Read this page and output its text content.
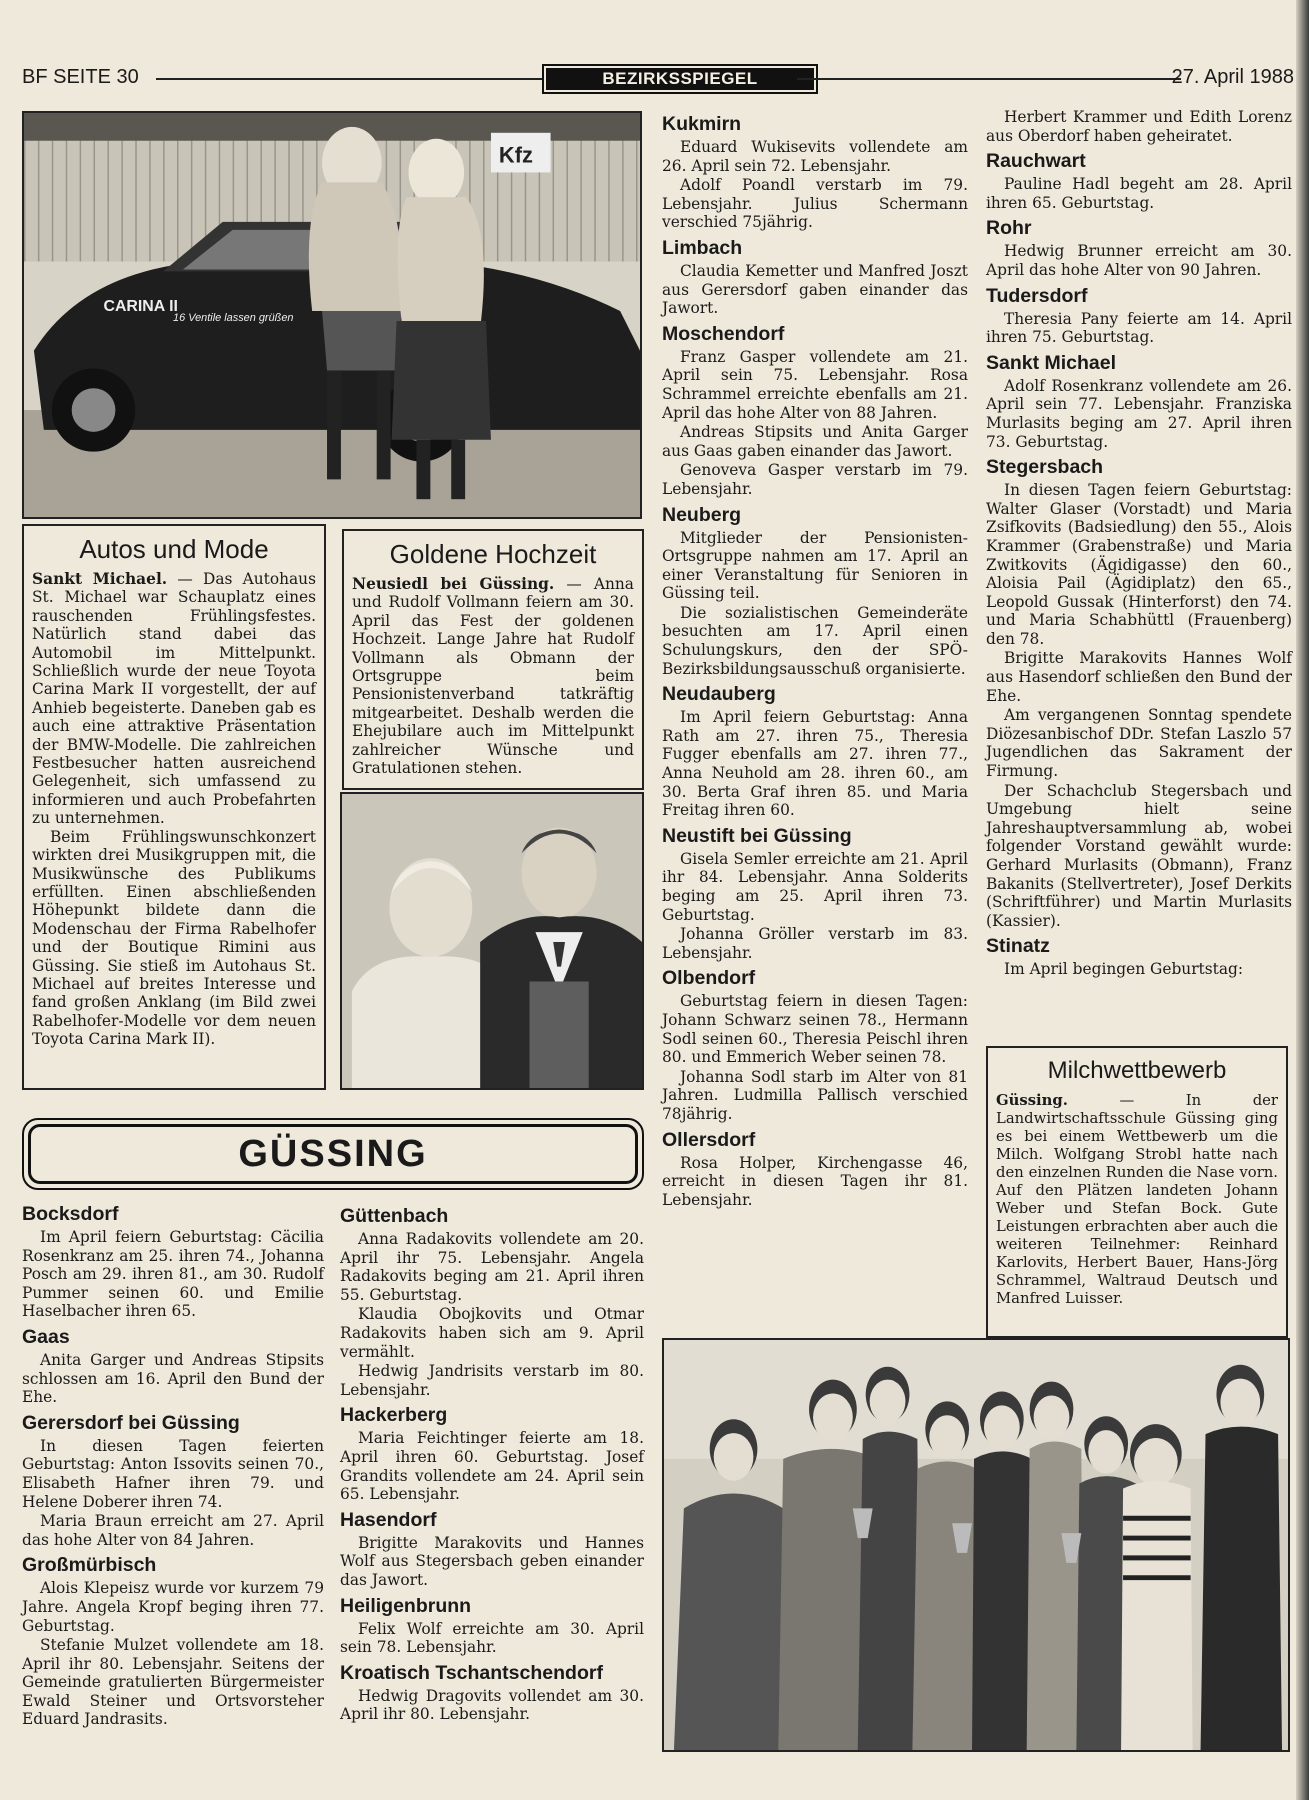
BF SEITE 30	BEZIRKSSPIEGEL	27. April 1988
Kfz
CARINA II
16 Ventile lassen grüßen
Autos und Mode

Sankt Michael. — Das Autohaus St. Michael war Schauplatz eines rauschenden Frühlingsfestes. Natürlich stand dabei das Automobil im Mittelpunkt. Schließlich wurde der neue Toyota Carina Mark II vorgestellt, der auf Anhieb begeisterte. Daneben gab es auch eine attraktive Präsentation der BMW-Modelle. Die zahlreichen Festbesucher hatten ausreichend Gelegenheit, sich umfassend zu informieren und auch Probefahrten zu unternehmen.

Beim Frühlingswunschkonzert wirkten drei Musikgruppen mit, die Musikwünsche des Publikums erfüllten. Einen abschließenden Höhepunkt bildete dann die Modenschau der Firma Rabelhofer und der Boutique Rimini aus Güssing. Sie stieß im Autohaus St. Michael auf breites Interesse und fand großen Anklang (im Bild zwei Rabelhofer-Modelle vor dem neuen Toyota Carina Mark II).

Goldene Hochzeit

Neusiedl bei Güssing. — Anna und Rudolf Vollmann feiern am 30. April das Fest der goldenen Hochzeit. Lange Jahre hat Rudolf Vollmann als Obmann der Ortsgruppe beim Pensionistenverband tatkräftig mitgearbeitet. Deshalb werden die Ehejubilare auch im Mittelpunkt zahlreicher Wünsche und Gratulationen stehen.

GÜSSING
Bocksdorf

Im April feiern Geburtstag: Cäcilia Rosenkranz am 25. ihren 74., Johanna Posch am 29. ihren 81., am 30. Rudolf Pummer seinen 60. und Emilie Haselbacher ihren 65.

Gaas

Anita Garger und Andreas Stipsits schlossen am 16. April den Bund der Ehe.

Gerersdorf bei Güssing

In diesen Tagen feierten Geburtstag: Anton Issovits seinen 70., Elisabeth Hafner ihren 79. und Helene Doberer ihren 74.

Maria Braun erreicht am 27. April das hohe Alter von 84 Jahren.

Großmürbisch

Alois Klepeisz wurde vor kurzem 79 Jahre. Angela Kropf beging ihren 77. Geburtstag.

Stefanie Mulzet vollendete am 18. April ihr 80. Lebensjahr. Seitens der Gemeinde gratulierten Bürgermeister Ewald Steiner und Ortsvorsteher Eduard Jandrasits.

Güttenbach

Anna Radakovits vollendete am 20. April ihr 75. Lebensjahr. Angela Radakovits beging am 21. April ihren 55. Geburtstag.

Klaudia Obojkovits und Otmar Radakovits haben sich am 9. April vermählt.

Hedwig Jandrisits verstarb im 80. Lebensjahr.

Hackerberg

Maria Feichtinger feierte am 18. April ihren 60. Geburtstag. Josef Grandits vollendete am 24. April sein 65. Lebensjahr.

Hasendorf

Brigitte Marakovits und Hannes Wolf aus Stegersbach geben einander das Jawort.

Heiligenbrunn

Felix Wolf erreichte am 30. April sein 78. Lebensjahr.

Kroatisch Tschantschendorf

Hedwig Dragovits vollendet am 30. April ihr 80. Lebensjahr.

Kukmirn

Eduard Wukisevits vollendete am 26. April sein 72. Lebensjahr.

Adolf Poandl verstarb im 79. Lebensjahr. Julius Schermann verschied 75jährig.

Limbach

Claudia Kemetter und Manfred Joszt aus Gerersdorf gaben einander das Jawort.

Moschendorf

Franz Gasper vollendete am 21. April sein 75. Lebensjahr. Rosa Schrammel erreichte ebenfalls am 21. April das hohe Alter von 88 Jahren.

Andreas Stipsits und Anita Garger aus Gaas gaben einander das Jawort.

Genoveva Gasper verstarb im 79. Lebensjahr.

Neuberg

Mitglieder der Pensionisten-Ortsgruppe nahmen am 17. April an einer Veranstaltung für Senioren in Güssing teil.

Die sozialistischen Gemeinderäte besuchten am 17. April einen Schulungskurs, den der SPÖ-Bezirksbildungsausschuß organisierte.

Neudauberg

Im April feiern Geburtstag: Anna Rath am 27. ihren 75., Theresia Fugger ebenfalls am 27. ihren 77., Anna Neuhold am 28. ihren 60., am 30. Berta Graf ihren 85. und Maria Freitag ihren 60.

Neustift bei Güssing

Gisela Semler erreichte am 21. April ihr 84. Lebensjahr. Anna Solderits beging am 25. April ihren 73. Geburtstag.

Johanna Gröller verstarb im 83. Lebensjahr.

Olbendorf

Geburtstag feiern in diesen Tagen: Johann Schwarz seinen 78., Hermann Sodl seinen 60., Theresia Peischl ihren 80. und Emmerich Weber seinen 78.

Johanna Sodl starb im Alter von 81 Jahren. Ludmilla Pallisch verschied 78jährig.

Ollersdorf

Rosa Holper, Kirchengasse 46, erreicht in diesen Tagen ihr 81. Lebensjahr.

Herbert Krammer und Edith Lorenz aus Oberdorf haben geheiratet.

Rauchwart

Pauline Hadl begeht am 28. April ihren 65. Geburtstag.

Rohr

Hedwig Brunner erreicht am 30. April das hohe Alter von 90 Jahren.

Tudersdorf

Theresia Pany feierte am 14. April ihren 75. Geburtstag.

Sankt Michael

Adolf Rosenkranz vollendete am 26. April sein 77. Lebensjahr. Franziska Murlasits beging am 27. April ihren 73. Geburtstag.

Stegersbach

In diesen Tagen feiern Geburtstag: Walter Glaser (Vorstadt) und Maria Zsifkovits (Badsiedlung) den 55., Alois Krammer (Grabenstraße) und Maria Zwitkovits (Ägidigasse) den 60., Aloisia Pail (Ägidiplatz) den 65., Leopold Gussak (Hinterforst) den 74. und Maria Schabhüttl (Frauenberg) den 78.

Brigitte Marakovits Hannes Wolf aus Hasendorf schließen den Bund der Ehe.

Am vergangenen Sonntag spendete Diözesanbischof DDr. Stefan Laszlo 57 Jugendlichen das Sakrament der Firmung.

Der Schachclub Stegersbach und Umgebung hielt seine Jahreshauptversammlung ab, wobei folgender Vorstand gewählt wurde: Gerhard Murlasits (Obmann), Franz Bakanits (Stellvertreter), Josef Derkits (Schriftführer) und Martin Murlasits (Kassier).

Stinatz

Im April begingen Geburtstag:

Milchwettbewerb

Güssing. — In der Landwirtschaftsschule Güssing ging es bei einem Wettbewerb um die Milch. Wolfgang Strobl hatte nach den einzelnen Runden die Nase vorn. Auf den Plätzen landeten Johann Weber und Stefan Bock. Gute Leistungen erbrachten aber auch die weiteren Teilnehmer: Reinhard Karlovits, Herbert Bauer, Hans-Jörg Schrammel, Waltraud Deutsch und Manfred Luisser.
